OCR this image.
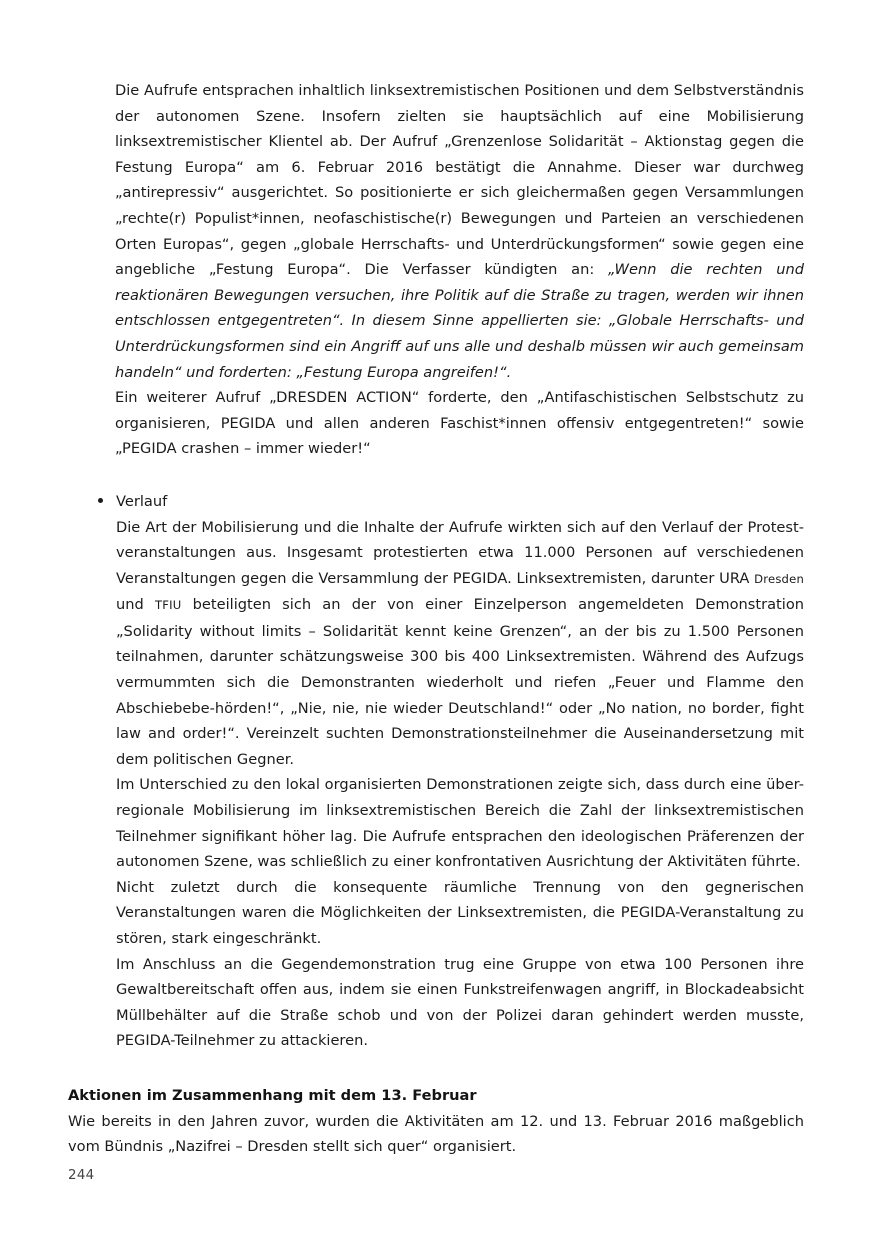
Die Aufrufe entsprachen inhaltlich linksextremistischen Positionen und dem Selbstverständnis der autonomen Szene. Insofern zielten sie hauptsächlich auf eine Mobilisierung linksextremistischer Klientel ab. Der Aufruf „Grenzenlose Solidarität – Aktionstag gegen die Festung Europa“ am 6. Februar 2016 bestätigt die Annahme. Dieser war durchweg „antirepressiv“ ausgerichtet. So positionierte er sich gleichermaßen gegen Versammlungen „rechte(r) Populist*innen, neofaschistische(r) Bewegungen und Parteien an verschiedenen Orten Europas“, gegen „globale Herrschafts- und Unterdrückungsformen“ sowie gegen eine angebliche „Festung Europa“. Die Verfasser kündigten an: „Wenn die rechten und reaktionären Bewegungen versuchen, ihre Politik auf die Straße zu tragen, werden wir ihnen entschlossen entgegentreten“. In diesem Sinne appellierten sie: „Globale Herrschafts- und Unterdrückungsformen sind ein Angriff auf uns alle und deshalb müssen wir auch gemeinsam handeln“ und forderten: „Festung Europa angreifen!“.

Ein weiterer Aufruf „DRESDEN ACTION“ forderte, den „Antifaschistischen Selbstschutz zu organisieren, PEGIDA und allen anderen Faschist*innen offensiv entgegentreten!“ sowie „PEGIDA crashen – immer wieder!“

Verlauf

Die Art der Mobilisierung und die Inhalte der Aufrufe wirkten sich auf den Verlauf der Protest-veranstaltungen aus. Insgesamt protestierten etwa 11.000 Personen auf verschiedenen Veranstaltungen gegen die Versammlung der PEGIDA. Linksextremisten, darunter URA Dresden und TFIU beteiligten sich an der von einer Einzelperson angemeldeten Demonstration „Solidarity without limits – Solidarität kennt keine Grenzen“, an der bis zu 1.500 Personen teilnahmen, darunter schätzungsweise 300 bis 400 Linksextremisten. Während des Aufzugs vermummten sich die Demonstranten wiederholt und riefen „Feuer und Flamme den Abschiebebe-hörden!“, „Nie, nie, nie wieder Deutschland!“ oder „No nation, no border, fight law and order!“. Vereinzelt suchten Demonstrationsteilnehmer die Auseinandersetzung mit dem politischen Gegner.

Im Unterschied zu den lokal organisierten Demonstrationen zeigte sich, dass durch eine über-regionale Mobilisierung im linksextremistischen Bereich die Zahl der linksextremistischen Teilnehmer signifikant höher lag. Die Aufrufe entsprachen den ideologischen Präferenzen der autonomen Szene, was schließlich zu einer konfrontativen Ausrichtung der Aktivitäten führte.

Nicht zuletzt durch die konsequente räumliche Trennung von den gegnerischen Veranstaltungen waren die Möglichkeiten der Linksextremisten, die PEGIDA-Veranstaltung zu stören, stark eingeschränkt.

Im Anschluss an die Gegendemonstration trug eine Gruppe von etwa 100 Personen ihre Gewaltbereitschaft offen aus, indem sie einen Funkstreifenwagen angriff, in Blockadeabsicht Müllbehälter auf die Straße schob und von der Polizei daran gehindert werden musste, PEGIDA-Teilnehmer zu attackieren.

Aktionen im Zusammenhang mit dem 13. Februar

Wie bereits in den Jahren zuvor, wurden die Aktivitäten am 12. und 13. Februar 2016 maßgeblich vom Bündnis „Nazifrei – Dresden stellt sich quer“ organisiert.

244
